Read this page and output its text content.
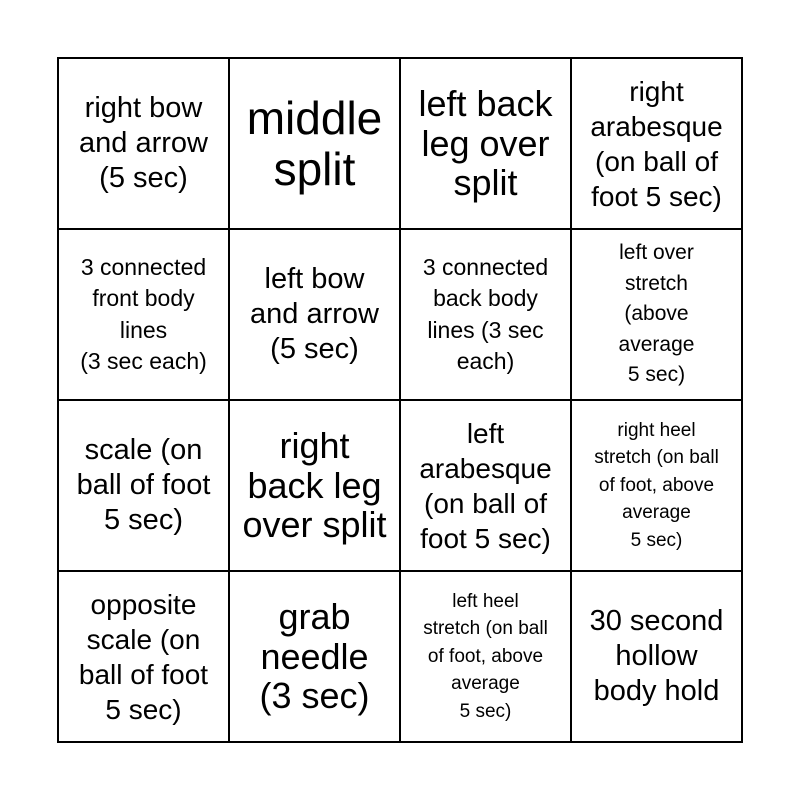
right bow
and arrow
(5 sec)
middle
split
left back
leg over
split
right
arabesque
(on ball of
foot 5 sec)
3 connected
front body
lines
(3 sec each)
left bow
and arrow
(5 sec)
3 connected
back body
lines (3 sec
each)
left over
stretch
(above
average
5 sec)
scale (on
ball of foot
5 sec)
right
back leg
over split
left
arabesque
(on ball of
foot 5 sec)
right heel
stretch (on ball
of foot, above
average
5 sec)
opposite
scale (on
ball of foot
5 sec)
grab
needle
(3 sec)
left heel
stretch (on ball
of foot, above
average
5 sec)
30 second
hollow
body hold
